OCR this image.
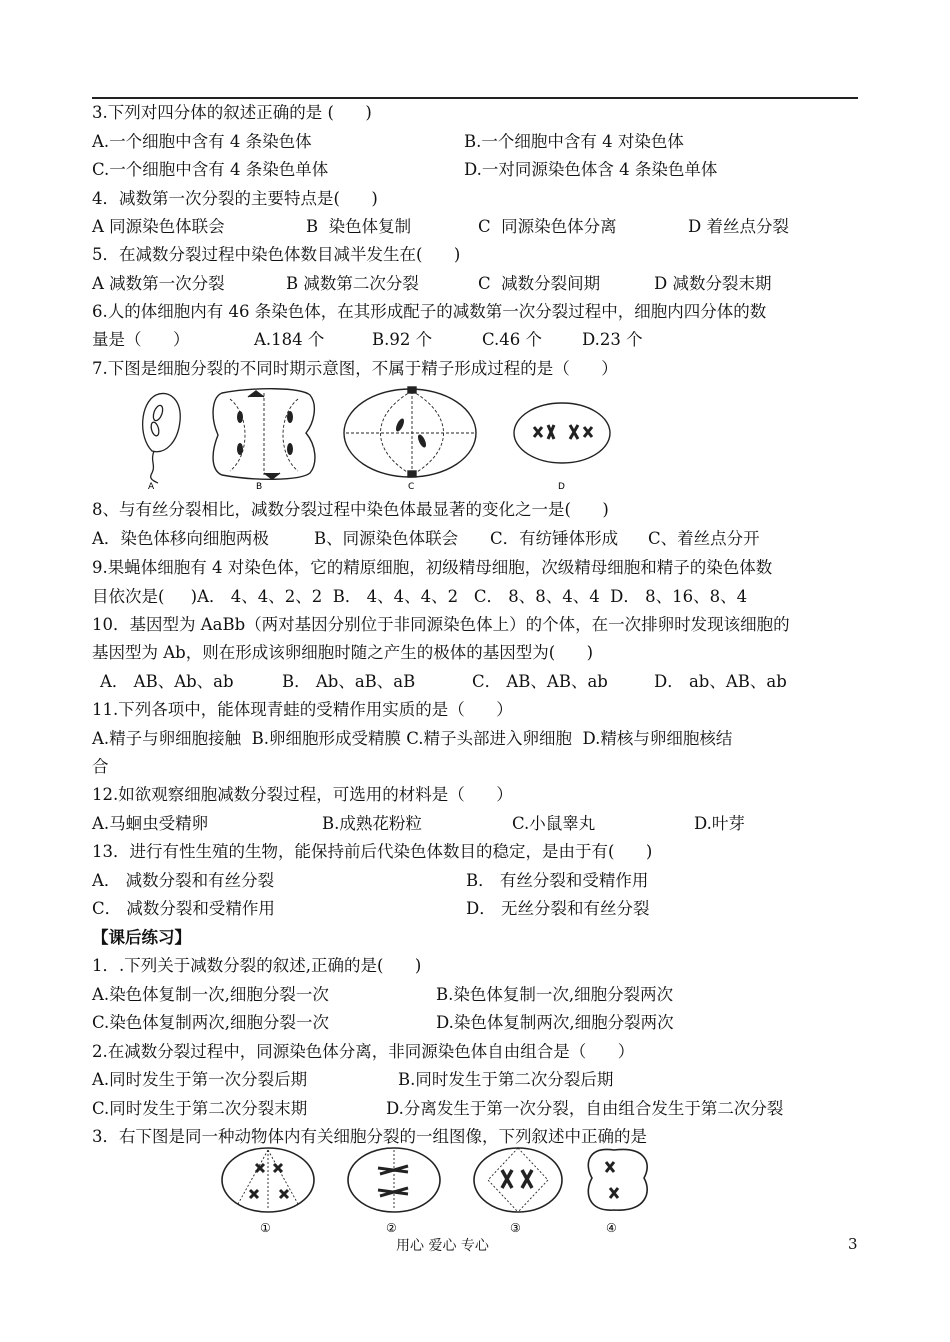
3.下列对四分体的叙述正确的是 (      )

A.一个细胞中含有 4 条染色体

	B.一个细胞中含有 4 对染色体

C.一个细胞中含有 4 条染色单体

	D.一对同源染色体含 4 条染色单体

4．减数第一次分裂的主要特点是(      )

A 同源染色体联会

	B  染色体复制

	C  同源染色体分离

	D 着丝点分裂

5．在减数分裂过程中染色体数目减半发生在(      )

A 减数第一次分裂

	B 减数第二次分裂

	C  减数分裂间期

	D 减数分裂末期

6.人的体细胞内有 46 条染色体，在其形成配子的减数第一次分裂过程中，细胞内四分体的数

量是（      ）

	A.184 个

	B.92 个

	C.46 个

D.23 个

7.下图是细胞分裂的不同时期示意图，不属于精子形成过程的是（      ）
A	B	C	D
8、与有丝分裂相比，减数分裂过程中染色体最显著的变化之一是(      )

A．染色体移向细胞两极

	B、同源染色体联会

C．有纺锤体形成

C、着丝点分开

9.果蝇体细胞有 4 对染色体，它的精原细胞，初级精母细胞，次级精母细胞和精子的染色体数
目依次是(     )A． 4、4、2、2  B． 4、4、4、2   C． 8、8、4、4  D． 8、16、8、4
10．基因型为 AaBb（两对基因分别位于非同源染色体上）的个体，在一次排卵时发现该细胞的
基因型为 Ab，则在形成该卵细胞时随之产生的极体的基因型为(      )

A． AB、Ab、ab

	B． Ab、aB、aB

	C． AB、AB、ab

	D． ab、AB、ab

11.下列各项中，能体现青蛙的受精作用实质的是（      ）
A.精子与卵细胞接触  B.卵细胞形成受精膜 C.精子头部进入卵细胞  D.精核与卵细胞核结
合
12.如欲观察细胞减数分裂过程，可选用的材料是（      ）

A.马蛔虫受精卵

	B.成熟花粉粒

	C.小鼠睾丸

	D.叶芽

13．进行有性生殖的生物，能保持前后代染色体数目的稳定，是由于有(      )

A． 减数分裂和有丝分裂

	B． 有丝分裂和受精作用

C． 减数分裂和受精作用

	D． 无丝分裂和有丝分裂

【课后练习】
1．.下列关于减数分裂的叙述,正确的是(      )

A.染色体复制一次,细胞分裂一次

	B.染色体复制一次,细胞分裂两次

C.染色体复制两次,细胞分裂一次

	D.染色体复制两次,细胞分裂两次

2.在减数分裂过程中，同源染色体分离，非同源染色体自由组合是（      ）

A.同时发生于第一次分裂后期

	B.同时发生于第二次分裂后期

C.同时发生于第二次分裂末期

	D.分离发生于第一次分裂，自由组合发生于第二次分裂

3．右下图是同一种动物体内有关细胞分裂的一组图像，下列叙述中正确的是
①	②	③	④
用心 爱心 专心	3
